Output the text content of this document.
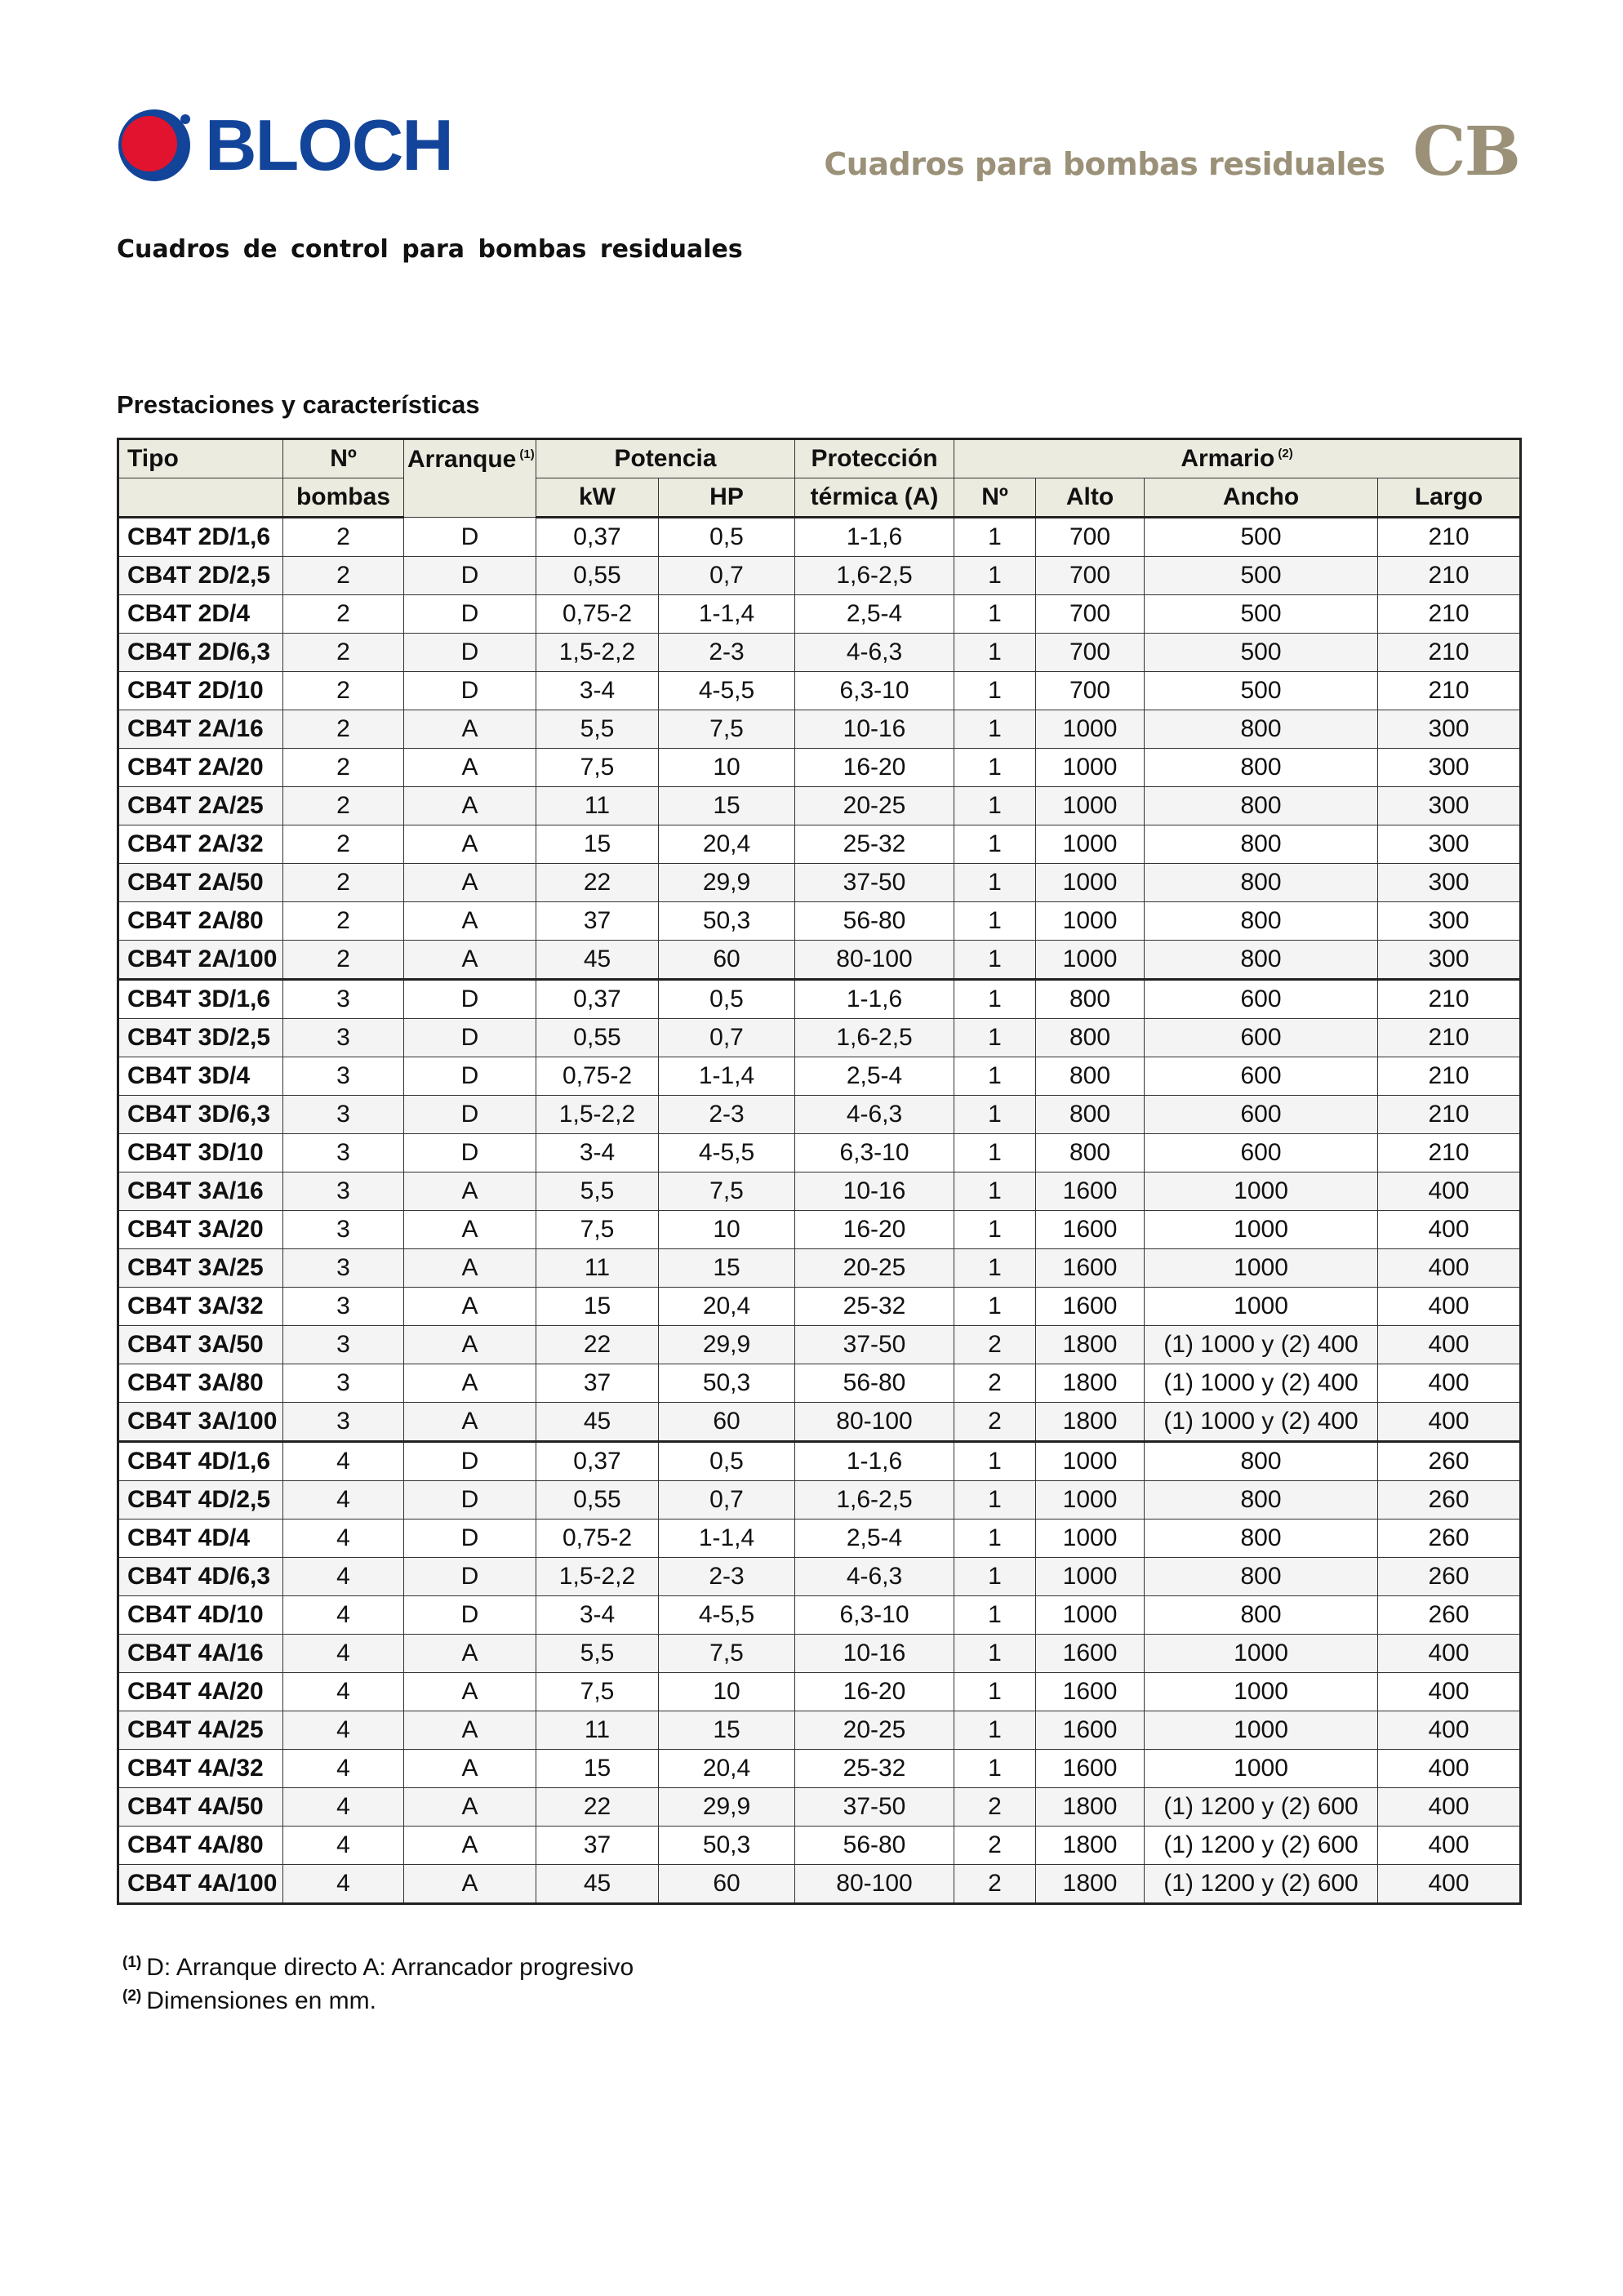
BLOCH	Cuadros para bombas residuales CB
Cuadros de control para bombas residuales
Prestaciones y características
Tipo	Nº	Arranque $^{(1)}$	Potencia		Protección	Armario $^{(2)}$
	bombas		kW	HP	térmica (A)	Nº	Alto	Ancho	Largo
CB4T 2D/1,6	2	D	0,37	0,5	1-1,6	1	700	500	210
CB4T 2D/2,5	2	D	0,55	0,7	1,6-2,5	1	700	500	210
CB4T 2D/4	2	D	0,75-2	1-1,4	2,5-4	1	700	500	210
CB4T 2D/6,3	2	D	1,5-2,2	2-3	4-6,3	1	700	500	210
CB4T 2D/10	2	D	3-4	4-5,5	6,3-10	1	700	500	210
CB4T 2A/16	2	A	5,5	7,5	10-16	1	1000	800	300
CB4T 2A/20	2	A	7,5	10	16-20	1	1000	800	300
CB4T 2A/25	2	A	11	15	20-25	1	1000	800	300
CB4T 2A/32	2	A	15	20,4	25-32	1	1000	800	300
CB4T 2A/50	2	A	22	29,9	37-50	1	1000	800	300
CB4T 2A/80	2	A	37	50,3	56-80	1	1000	800	300
CB4T 2A/100	2	A	45	60	80-100	1	1000	800	300
CB4T 3D/1,6	3	D	0,37	0,5	1-1,6	1	800	600	210
CB4T 3D/2,5	3	D	0,55	0,7	1,6-2,5	1	800	600	210
CB4T 3D/4	3	D	0,75-2	1-1,4	2,5-4	1	800	600	210
CB4T 3D/6,3	3	D	1,5-2,2	2-3	4-6,3	1	800	600	210
CB4T 3D/10	3	D	3-4	4-5,5	6,3-10	1	800	600	210
CB4T 3A/16	3	A	5,5	7,5	10-16	1	1600	1000	400
CB4T 3A/20	3	A	7,5	10	16-20	1	1600	1000	400
CB4T 3A/25	3	A	11	15	20-25	1	1600	1000	400
CB4T 3A/32	3	A	15	20,4	25-32	1	1600	1000	400
CB4T 3A/50	3	A	22	29,9	37-50	2	1800	(1) 1000 y (2) 400	400
CB4T 3A/80	3	A	37	50,3	56-80	2	1800	(1) 1000 y (2) 400	400
CB4T 3A/100	3	A	45	60	80-100	2	1800	(1) 1000 y (2) 400	400
CB4T 4D/1,6	4	D	0,37	0,5	1-1,6	1	1000	800	260
CB4T 4D/2,5	4	D	0,55	0,7	1,6-2,5	1	1000	800	260
CB4T 4D/4	4	D	0,75-2	1-1,4	2,5-4	1	1000	800	260
CB4T 4D/6,3	4	D	1,5-2,2	2-3	4-6,3	1	1000	800	260
CB4T 4D/10	4	D	3-4	4-5,5	6,3-10	1	1000	800	260
CB4T 4A/16	4	A	5,5	7,5	10-16	1	1600	1000	400
CB4T 4A/20	4	A	7,5	10	16-20	1	1600	1000	400
CB4T 4A/25	4	A	11	15	20-25	1	1600	1000	400
CB4T 4A/32	4	A	15	20,4	25-32	1	1600	1000	400
CB4T 4A/50	4	A	22	29,9	37-50	2	1800	(1) 1200 y (2) 600	400
CB4T 4A/80	4	A	37	50,3	56-80	2	1800	(1) 1200 y (2) 600	400
CB4T 4A/100	4	A	45	60	80-100	2	1800	(1) 1200 y (2) 600	400
$^{(1)}$ D: Arranque directo A: Arrancador progresivo
$^{(2)}$ Dimensiones en mm.
